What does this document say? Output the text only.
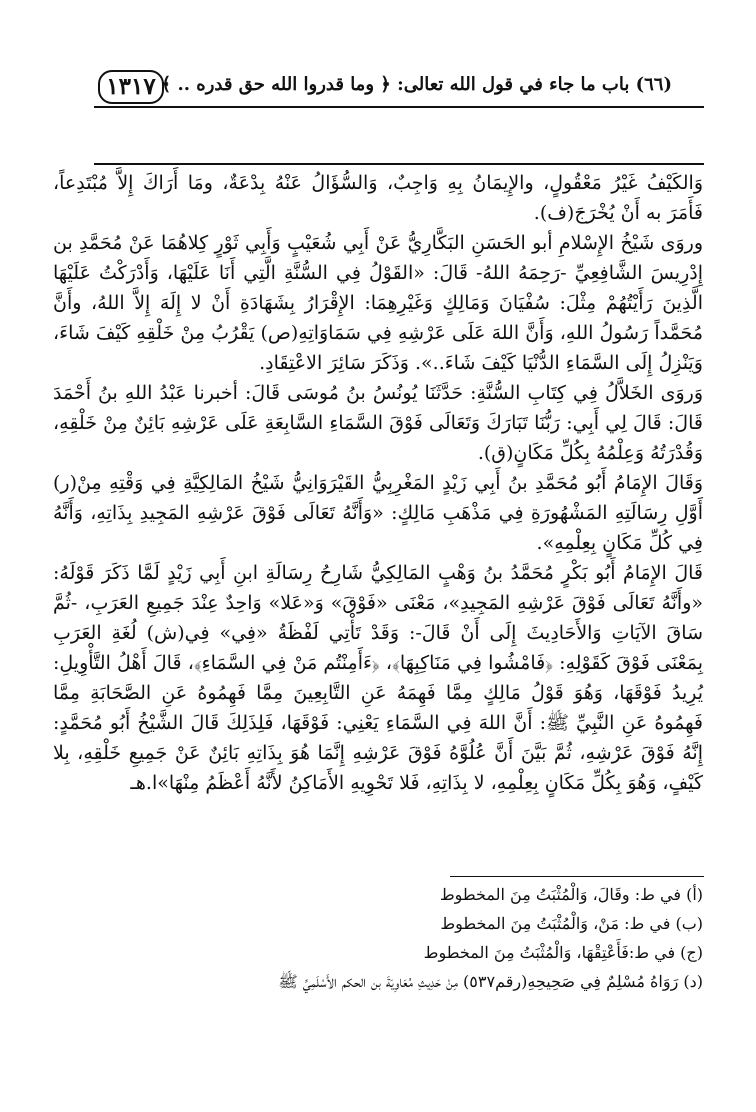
١٣١٧ (٦٦) باب ما جاء في قول الله تعالى: ﴿ وما قدروا الله حق قدره .. ﴾

وَالكَيْفُ غَيْرُ مَعْقُولٍ، والإِيمَانُ بِهِ وَاجِبٌ، وَالسُّؤَالُ عَنْهُ بِدْعَةٌ، ومَا أَرَاكَ إِلاَّ مُبْتَدِعاً، فَأَمَرَ به أَنْ يُخْرَجَ(ف).

وروَى شَيْخُ الإِسْلامِ أبو الحَسَنِ البَكَّارِيُّ عَنْ أَبِي شُعَيْبٍ وَأَبِي ثَوْرٍ كِلاهُمَا عَنْ مُحَمَّدِ بن إِدْرِيسَ الشَّافِعِيِّ -رَحِمَهُ اللهُ- قَالَ: «القَوْلُ فِي السُّنَّةِ الَّتِي أَنَا عَلَيْهَا، وَأَدْرَكْتُ عَلَيْهَا الَّذِينَ رَأَيْتُهُمْ مِثْلَ: سُفْيَانَ وَمَالِكٍ وَغَيْرِهِمَا: الإِقْرَارُ بِشَهَادَةِ أَنْ لا إِلَهَ إِلاَّ اللهُ، وأَنَّ مُحَمَّداً رَسُولُ اللهِ، وَأَنَّ اللهَ عَلَى عَرْشِهِ فِي سَمَاوَاتِهِ(ص) يَقْرُبُ مِنْ خَلْقِهِ كَيْفَ شَاءَ، وَيَنْزِلُ إِلَى السَّمَاءِ الدُّنْيَا كَيْفَ شَاءَ..». وَذَكَرَ سَائِرَ الاعْتِقَادِ.

وَروَى الخَلاَّلُ فِي كِتَابِ السُّنَّةِ: حَدَّثَنَا يُونُسُ بنُ مُوسَى قَالَ: أخبرنا عَبْدُ اللهِ بنُ أَحْمَدَ قَالَ: قَالَ لِي أَبِي: رَبُّنَا تَبَارَكَ وَتَعَالَى فَوْقَ السَّمَاءِ السَّابِعَةِ عَلَى عَرْشِهِ بَائِنٌ مِنْ خَلْقِهِ، وَقُدْرَتُهُ وَعِلْمُهُ بِكُلِّ مَكَانٍ(ق).

وَقَالَ الإِمَامُ أَبُو مُحَمَّدِ بنُ أَبِي زَيْدٍ المَغْرِبِيُّ القَيْرَوَانِيُّ شَيْخُ المَالِكِيَّةِ فِي وَقْتِهِ مِنْ(ر) أَوَّلِ رِسَالَتِهِ المَشْهُورَةِ فِي مَذْهَبِ مَالِكٍ: «وَأَنَّهُ تَعَالَى فَوْقَ عَرْشِهِ المَجِيدِ بِذَاتِهِ، وَأَنَّهُ فِي كُلِّ مَكَانٍ بِعِلْمِهِ».

قَالَ الإِمَامُ أَبُو بَكْرٍ مُحَمَّدُ بنُ وَهْبٍ المَالِكِيُّ شَارِحُ رِسَالَةِ ابنِ أَبِي زَيْدٍ لَمَّا ذَكَرَ قَوْلَهُ: «وأَنَّهُ تَعَالَى فَوْقَ عَرْشِهِ المَجِيدِ»، مَعْنَى «فَوْقَ» وَ«عَلا» وَاحِدٌ عِنْدَ جَمِيعِ العَرَبِ، -ثُمَّ سَاقَ الآيَاتِ وَالأَحَادِيثَ إِلَى أَنْ قَالَ-: وَقَدْ تَأْتِي لَفْظَةُ «فِي» فِي(ش) لُغَةِ العَرَبِ بِمَعْنَى فَوْقَ كَقَوْلِهِ: ﴿فَامْشُوا فِي مَنَاكِبِهَا﴾، ﴿ءَأَمِنْتُم مَنْ فِي السَّمَاءِ﴾، قَالَ أَهْلُ التَّأْوِيلِ: يُرِيدُ فَوْقَهَا، وَهُوَ قَوْلُ مَالِكٍ مِمَّا فَهِمَهُ عَنِ التَّابِعِينَ مِمَّا فَهِمُوهُ عَنِ الصَّحَابَةِ مِمَّا فَهِمُوهُ عَنِ النَّبِيِّ ﷺ: أَنَّ اللهَ فِي السَّمَاءِ يَعْنِي: فَوْقَهَا، فَلِذَلِكَ قَالَ الشَّيْخُ أَبُو مُحَمَّدٍ: إِنَّهُ فَوْقَ عَرْشِهِ، ثُمَّ بَيَّنَ أَنَّ عُلُوَّهُ فَوْقَ عَرْشِهِ إِنَّمَا هُوَ بِذَاتِهِ بَائِنٌ عَنْ جَمِيعِ خَلْقِهِ، بِلا كَيْفٍ، وَهُوَ بِكُلِّ مَكَانٍ بِعِلْمِهِ، لا بِذَاتِهِ، فَلا تَحْوِيهِ الأَمَاكِنُ لأَنَّهُ أَعْظَمُ مِنْهَا»ا.هـ

(أ) في ط: وقَالَ، وَالْمُثْبَتُ مِنَ المخطوط

(ب) في ط: مَنْ، وَالْمُثْبَتُ مِنَ المخطوط

(ج) في ط:فَأَعْتِقْهَا، وَالْمُثْبَتُ مِنَ المخطوط

(د) رَوَاهُ مُسْلِمٌ فِي صَحِيحِهِ(رقم٥٣٧) مِنْ حَدِيثِ مُعَاوِيَةَ بن الحكم الأَسْلَمِيِّ ﷺ
